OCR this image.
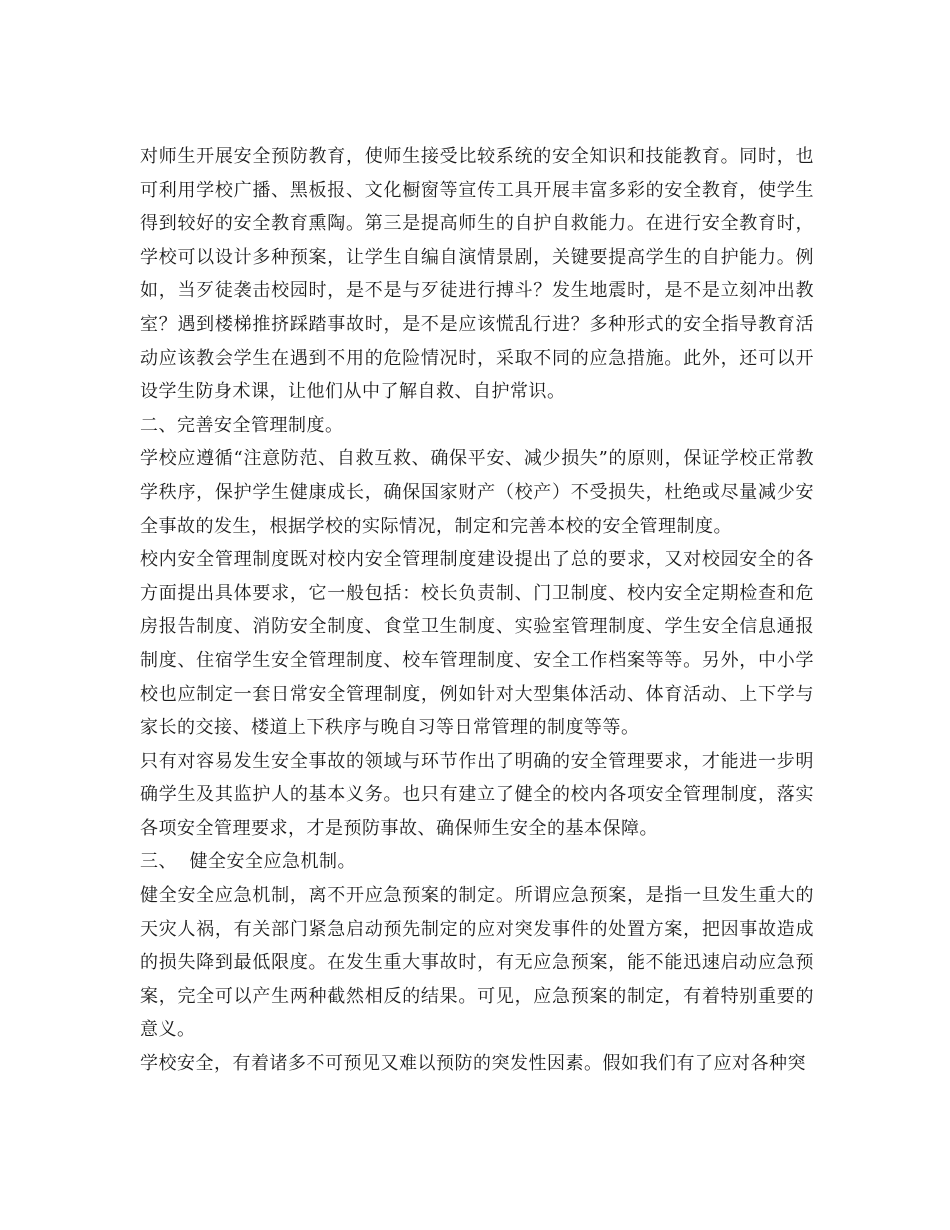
对师生开展安全预防教育，使师生接受比较系统的安全知识和技能教育。同时，也可利用学校广播、黑板报、文化橱窗等宣传工具开展丰富多彩的安全教育，使学生得到较好的安全教育熏陶。第三是提高师生的自护自救能力。在进行安全教育时，学校可以设计多种预案，让学生自编自演情景剧，关键要提高学生的自护能力。例如，当歹徒袭击校园时，是不是与歹徒进行搏斗？发生地震时，是不是立刻冲出教室？遇到楼梯推挤踩踏事故时，是不是应该慌乱行进？多种形式的安全指导教育活动应该教会学生在遇到不用的危险情况时，采取不同的应急措施。此外，还可以开设学生防身术课，让他们从中了解自救、自护常识。

二、完善安全管理制度。

学校应遵循“注意防范、自救互救、确保平安、减少损失”的原则，保证学校正常教学秩序，保护学生健康成长，确保国家财产（校产）不受损失，杜绝或尽量减少安全事故的发生，根据学校的实际情况，制定和完善本校的安全管理制度。

校内安全管理制度既对校内安全管理制度建设提出了总的要求，又对校园安全的各方面提出具体要求，它一般包括：校长负责制、门卫制度、校内安全定期检查和危房报告制度、消防安全制度、食堂卫生制度、实验室管理制度、学生安全信息通报制度、住宿学生安全管理制度、校车管理制度、安全工作档案等等。另外，中小学校也应制定一套日常安全管理制度，例如针对大型集体活动、体育活动、上下学与家长的交接、楼道上下秩序与晚自习等日常管理的制度等等。

只有对容易发生安全事故的领域与环节作出了明确的安全管理要求，才能进一步明确学生及其监护人的基本义务。也只有建立了健全的校内各项安全管理制度，落实各项安全管理要求，才是预防事故、确保师生安全的基本保障。

三、  健全安全应急机制。

健全安全应急机制，离不开应急预案的制定。所谓应急预案，是指一旦发生重大的天灾人祸，有关部门紧急启动预先制定的应对突发事件的处置方案，把因事故造成的损失降到最低限度。在发生重大事故时，有无应急预案，能不能迅速启动应急预案，完全可以产生两种截然相反的结果。可见，应急预案的制定，有着特别重要的意义。

学校安全，有着诸多不可预见又难以预防的突发性因素。假如我们有了应对各种突
